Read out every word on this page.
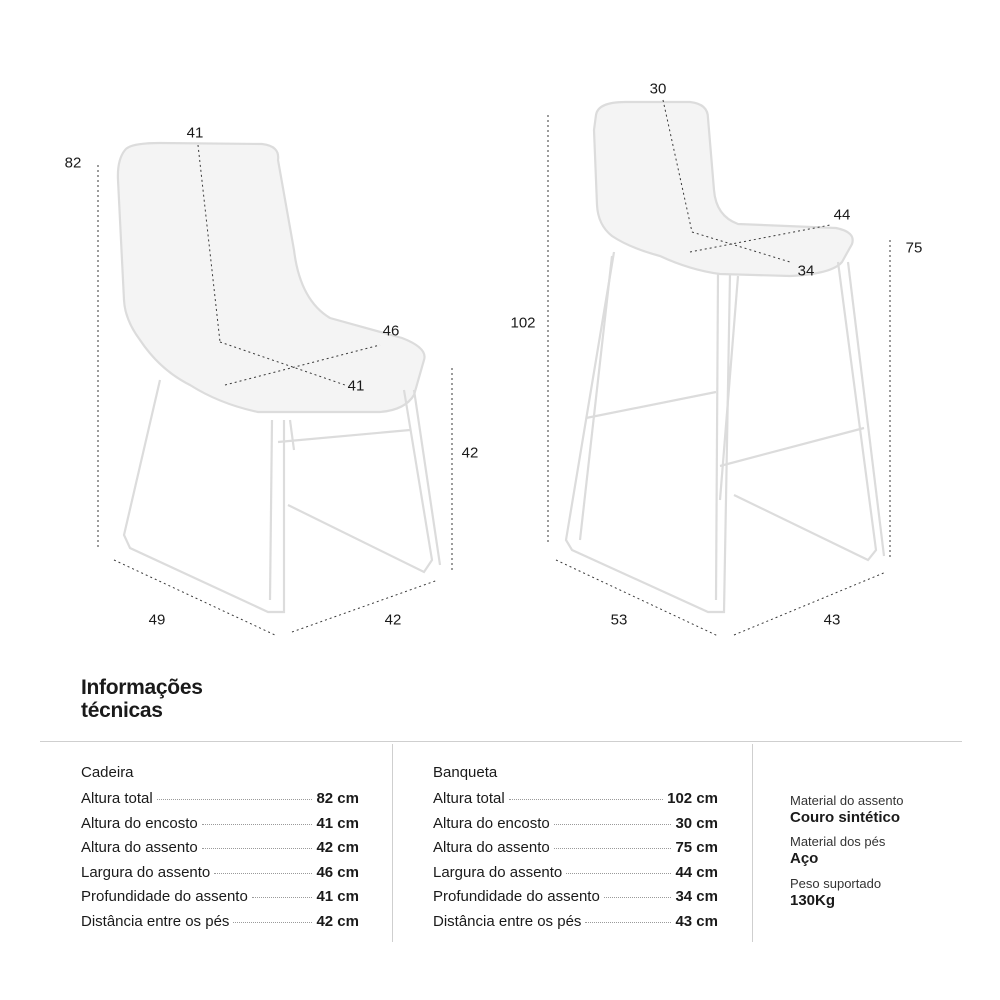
82
41
46
41
42
49	42
30
44
34
75
102
53	43
Informações
técnicas
Cadeira
Altura total	82 cm
Altura do encosto	41 cm
Altura do assento	42 cm
Largura do assento	46 cm
Profundidade do assento	41 cm
Distância entre os pés	42 cm
Banqueta
Altura total	102 cm
Altura do encosto	30 cm
Altura do assento	75 cm
Largura do assento	44 cm
Profundidade do assento	34 cm
Distância entre os pés	43 cm
Material do assento
Couro sintético
Material dos pés
Aço
Peso suportado
130Kg
